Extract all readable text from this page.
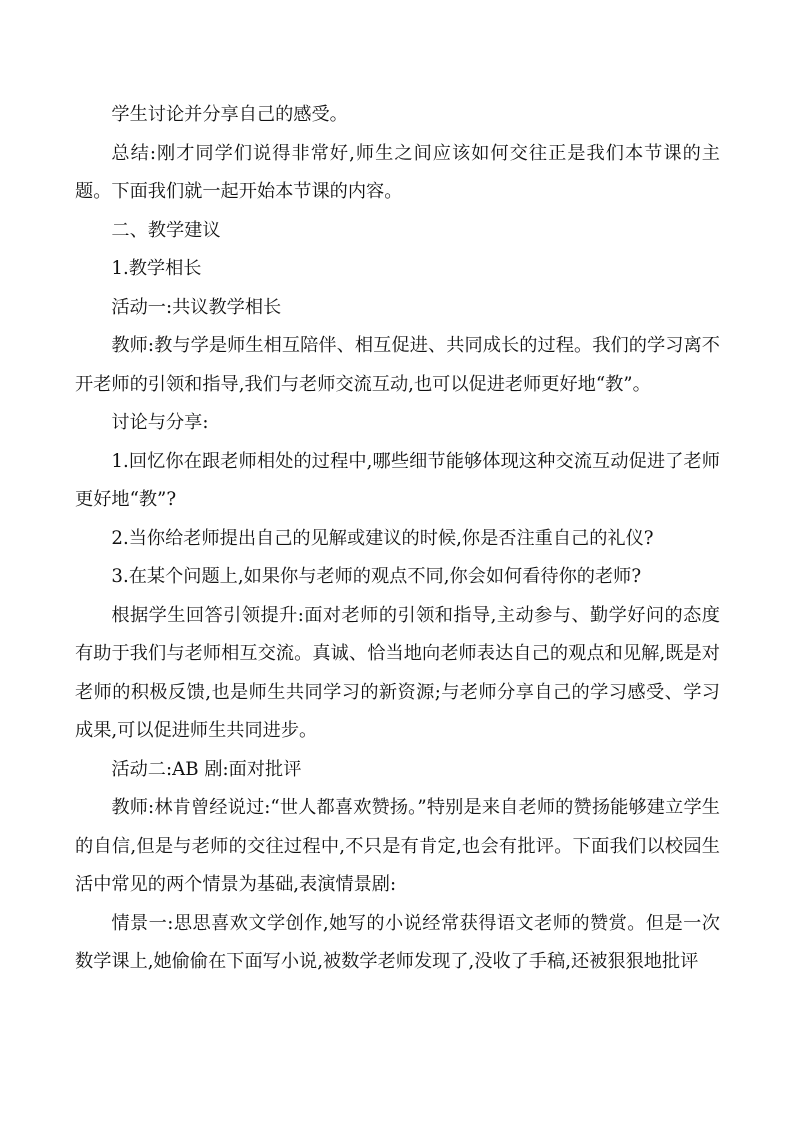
学生讨论并分享自己的感受。

总结:刚才同学们说得非常好,师生之间应该如何交往正是我们本节课的主题。下面我们就一起开始本节课的内容。

二、教学建议

1.教学相长

活动一:共议教学相长

教师:教与学是师生相互陪伴、相互促进、共同成长的过程。我们的学习离不开老师的引领和指导,我们与老师交流互动,也可以促进老师更好地“教”。

讨论与分享:

1.回忆你在跟老师相处的过程中,哪些细节能够体现这种交流互动促进了老师更好地“教”?

2.当你给老师提出自己的见解或建议的时候,你是否注重自己的礼仪?

3.在某个问题上,如果你与老师的观点不同,你会如何看待你的老师?

根据学生回答引领提升:面对老师的引领和指导,主动参与、勤学好问的态度有助于我们与老师相互交流。真诚、恰当地向老师表达自己的观点和见解,既是对老师的积极反馈,也是师生共同学习的新资源;与老师分享自己的学习感受、学习成果,可以促进师生共同进步。

活动二:AB 剧:面对批评

教师:林肯曾经说过:“世人都喜欢赞扬。”特别是来自老师的赞扬能够建立学生的自信,但是与老师的交往过程中,不只是有肯定,也会有批评。下面我们以校园生活中常见的两个情景为基础,表演情景剧:

情景一:思思喜欢文学创作,她写的小说经常获得语文老师的赞赏。但是一次数学课上,她偷偷在下面写小说,被数学老师发现了,没收了手稿,还被狠狠地批评
